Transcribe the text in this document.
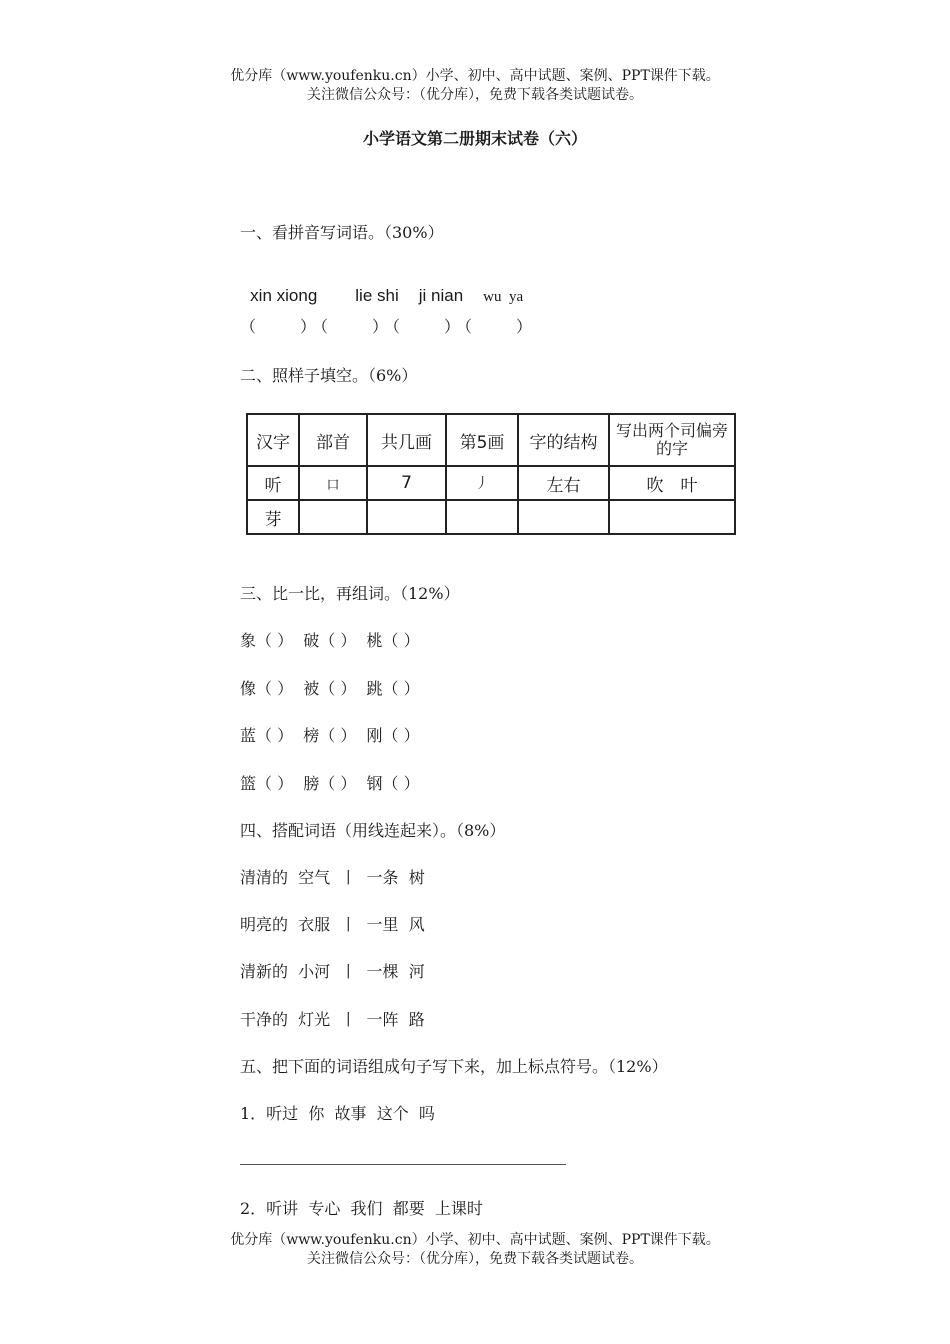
优分库（www.youfenku.cn）小学、初中、高中试题、案例、PPT课件下载。
关注微信公众号：（优分库），免费下载各类试题试卷。
小学语文第二册期末试卷（六）
一、看拼音写词语。（30%）

xin xiong lie shi ji nian wu  ya

（　　）（　　）（　　）（　　）
二、照样子填空。（6%）
汉字	部首	共几画	第5画	字的结构	写出两个司偏旁的字
听	口	7	丿	左右	吹　叶
芽					
三、比一比，再组词。（12%）
象（ ）  破（ ）  桃（ ）
像（ ）  被（ ）  跳（ ）
蓝（ ）  榜（ ）  刚（ ）
篮（ ）  膀（ ）  钢（ ）
四、搭配词语（用线连起来）。（8%）
清清的  空气  丨  一条  树
明亮的  衣服  丨  一里  风
清新的  小河  丨  一棵  河
干净的  灯光  丨  一阵  路
五、把下面的词语组成句子写下来，加上标点符号。（12%）
1．听过  你  故事  这个  吗
2．听讲  专心  我们  都要  上课时
优分库（www.youfenku.cn）小学、初中、高中试题、案例、PPT课件下载。
关注微信公众号：（优分库），免费下载各类试题试卷。
